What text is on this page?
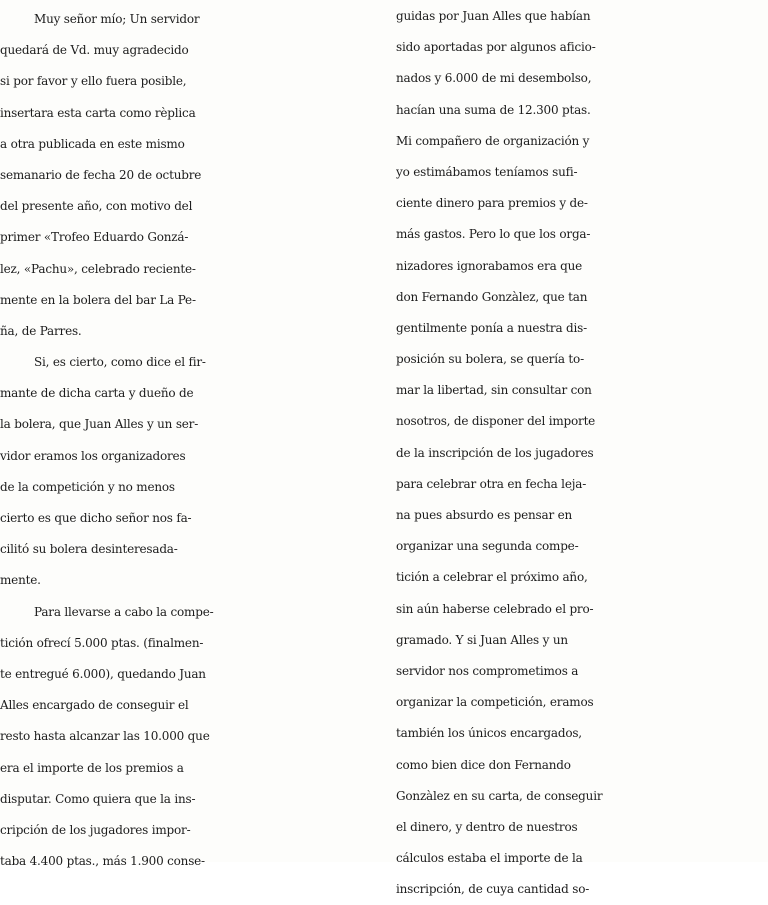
Muy señor mío; Un servidor
quedará de Vd. muy agradecido
si por favor y ello fuera posible,
insertara esta carta como rèplica
a otra publicada en este mismo
semanario de fecha 20 de octubre
del presente año, con motivo del
primer «Trofeo Eduardo Gonzá-
lez, «Pachu», celebrado reciente-
mente en la bolera del bar La Pe-
ña, de Parres.
Si, es cierto, como dice el fir-
mante de dicha carta y dueño de
la bolera, que Juan Alles y un ser-
vidor eramos los organizadores
de la competición y no menos
cierto es que dicho señor nos fa-
cilitó su bolera desinteresada-
mente.
Para llevarse a cabo la compe-
tición ofrecí 5.000 ptas. (finalmen-
te entregué 6.000), quedando Juan
Alles encargado de conseguir el
resto hasta alcanzar las 10.000 que
era el importe de los premios a
disputar. Como quiera que la ins-
cripción de los jugadores impor-
taba 4.400 ptas., más 1.900 conse-
guidas por Juan Alles que habían
sido aportadas por algunos aficio-
nados y 6.000 de mi desembolso,
hacían una suma de 12.300 ptas.
Mi compañero de organización y
yo estimábamos teníamos sufi-
ciente dinero para premios y de-
más gastos. Pero lo que los orga-
nizadores ignorabamos era que
don Fernando Gonzàlez, que tan
gentilmente ponía a nuestra dis-
posición su bolera, se quería to-
mar la libertad, sin consultar con
nosotros, de disponer del importe
de la inscripción de los jugadores
para celebrar otra en fecha leja-
na pues absurdo es pensar en
organizar una segunda compe-
tición a celebrar el próximo año,
sin aún haberse celebrado el pro-
gramado. Y si Juan Alles y un
servidor nos comprometimos a
organizar la competición, eramos
también los únicos encargados,
como bien dice don Fernando
Gonzàlez en su carta, de conseguir
el dinero, y dentro de nuestros
cálculos estaba el importe de la
inscripción, de cuya cantidad so-
